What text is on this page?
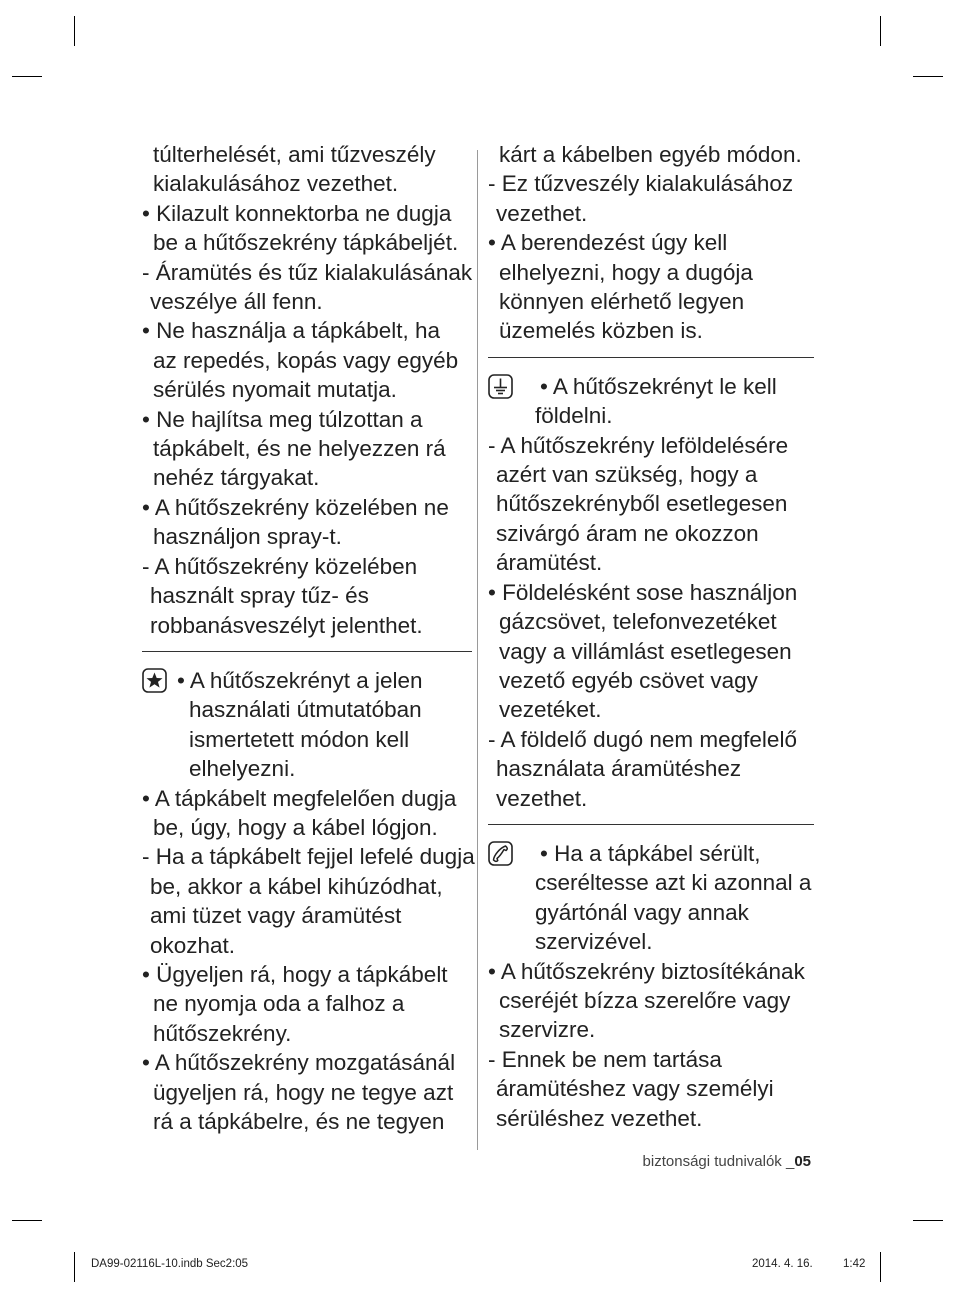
túlterhelését, ami tűzveszély
kialakulásához vezethet.
• Kilazult konnektorba ne dugja
be a hűtőszekrény tápkábeljét.
- Áramütés és tűz kialakulásának
veszélye áll fenn.
• Ne használja a tápkábelt, ha
az repedés, kopás vagy egyéb
sérülés nyomait mutatja.
• Ne hajlítsa meg túlzottan a
tápkábelt, és ne helyezzen rá
nehéz tárgyakat.
• A hűtőszekrény közelében ne
használjon spray-t.
- A hűtőszekrény közelében
használt spray tűz- és
robbanásveszélyt jelenthet.
• A hűtőszekrényt a jelen
használati útmutatóban
ismertetett módon kell
elhelyezni.
• A tápkábelt megfelelően dugja
be, úgy, hogy a kábel lógjon.
- Ha a tápkábelt fejjel lefelé dugja
be, akkor a kábel kihúzódhat,
ami tüzet vagy áramütést
okozhat.
• Ügyeljen rá, hogy a tápkábelt
ne nyomja oda a falhoz a
hűtőszekrény.
• A hűtőszekrény mozgatásánál
ügyeljen rá, hogy ne tegye azt
rá a tápkábelre, és ne tegyen
kárt a kábelben egyéb módon.
- Ez tűzveszély kialakulásához
vezethet.
• A berendezést úgy kell
elhelyezni, hogy a dugója
könnyen elérhető legyen
üzemelés közben is.
• A hűtőszekrényt le kell
földelni.
- A hűtőszekrény leföldelésére
azért van szükség, hogy a
hűtőszekrényből esetlegesen
szivárgó áram ne okozzon
áramütést.
• Földelésként sose használjon
gázcsövet, telefonvezetéket
vagy a villámlást esetlegesen
vezető egyéb csövet vagy
vezetéket.
- A földelő dugó nem megfelelő
használata áramütéshez
vezethet.
• Ha a tápkábel sérült,
cseréltesse azt ki azonnal a
gyártónál vagy annak
szervizével.
• A hűtőszekrény biztosítékának
cseréjét bízza szerelőre vagy
szervizre.
- Ennek be nem tartása
áramütéshez vagy személyi
sérüléshez vezethet.
biztonsági tudnivalók _05
DA99-02116L-10.indb Sec2:05	2014. 4. 16.	1:42
